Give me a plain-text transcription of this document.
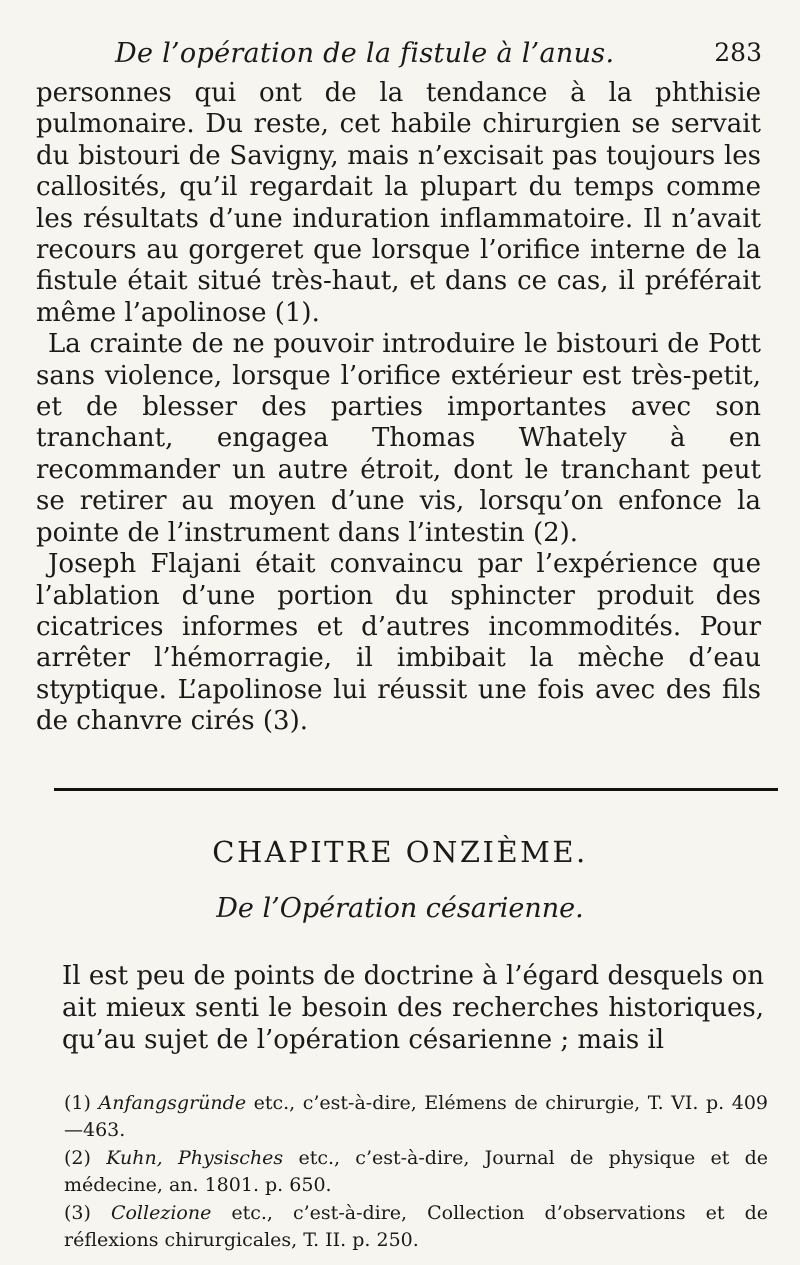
De l’opération de la fistule à l’anus.	283

personnes qui ont de la tendance à la phthisie pulmonaire. Du reste, cet habile chirurgien se servait du bistouri de Savigny, mais n’excisait pas toujours les callosités, qu’il regardait la plupart du temps comme les résultats d’une induration inflammatoire. Il n’avait recours au gorgeret que lorsque l’orifice interne de la fistule était situé très-haut, et dans ce cas, il préférait même l’apolinose (1).

La crainte de ne pouvoir introduire le bistouri de Pott sans violence, lorsque l’orifice extérieur est très-petit, et de blesser des parties importantes avec son tranchant, engagea Thomas Whately à en recommander un autre étroit, dont le tranchant peut se retirer au moyen d’une vis, lorsqu’on enfonce la pointe de l’instrument dans l’intestin (2).

Joseph Flajani était convaincu par l’expérience que l’ablation d’une portion du sphincter produit des cicatrices informes et d’autres incommodités. Pour arrêter l’hémorragie, il imbibait la mèche d’eau styptique. L’apolinose lui réussit une fois avec des fils de chanvre cirés (3).

CHAPITRE ONZIÈME.
De l’Opération césarienne.

Il est peu de points de doctrine à l’égard desquels on ait mieux senti le besoin des recherches historiques, qu’au sujet de l’opération césarienne ; mais il

(1) Anfangsgründe etc., c’est-à-dire, Elémens de chirurgie, T. VI. p. 409—463.

(2) Kuhn, Physisches etc., c’est-à-dire, Journal de physique et de médecine, an. 1801. p. 650.

(3) Collezione etc., c’est-à-dire, Collection d’observations et de réflexions chirurgicales, T. II. p. 250.
